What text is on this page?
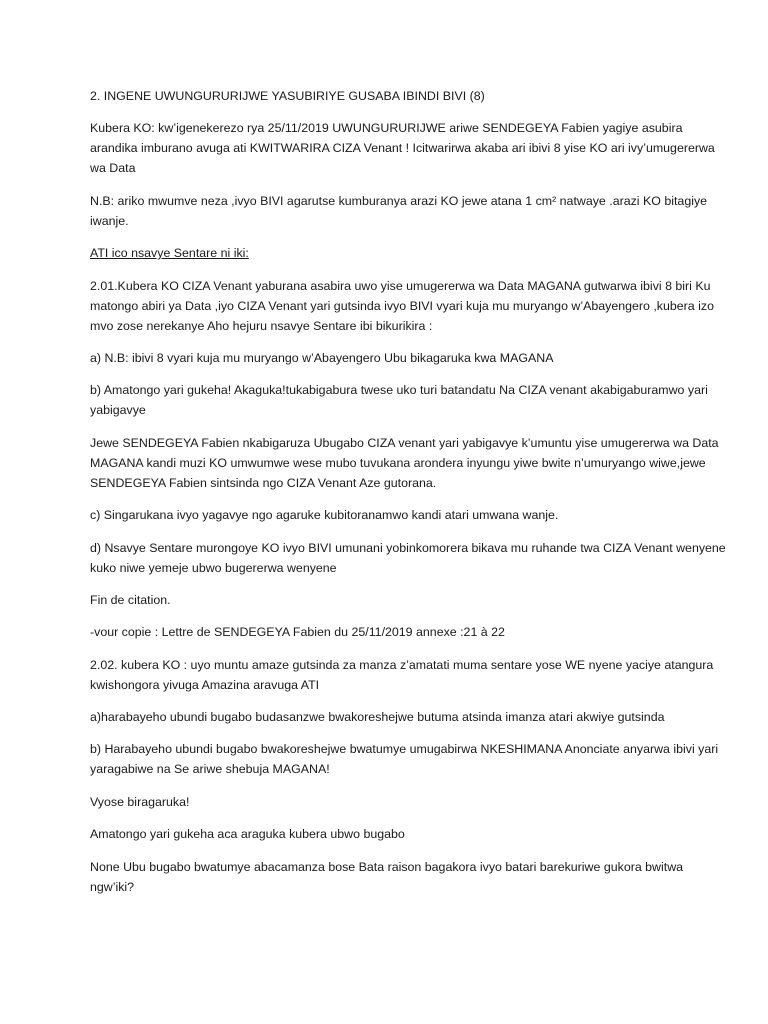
2. INGENE UWUNGURURIJWE YASUBIRIYE GUSABA IBINDI BIVI (8)

Kubera KO: kw’igenekerezo rya 25/11/2019 UWUNGURURIJWE ariwe SENDEGEYA Fabien yagiye asubira arandika imburano avuga ati KWITWARIRA CIZA Venant ! Icitwarirwa akaba ari ibivi 8 yise KO ari ivy’umugererwa wa Data

N.B: ariko mwumve neza ,ivyo BIVI agarutse kumburanya arazi KO jewe atana 1 cm² natwaye .arazi KO bitagiye iwanje.

ATI ico nsavye Sentare ni iki:

2.01.Kubera KO CIZA Venant yaburana asabira uwo yise umugererwa wa Data MAGANA gutwarwa ibivi 8 biri Ku matongo abiri ya Data ,iyo CIZA Venant yari gutsinda ivyo BIVI vyari kuja mu muryango w’Abayengero ,kubera izo mvo zose nerekanye Aho hejuru nsavye Sentare ibi bikurikira :

a) N.B: ibivi 8 vyari kuja mu muryango w’Abayengero Ubu bikagaruka kwa MAGANA

b) Amatongo yari gukeha! Akaguka!tukabigabura twese uko turi batandatu Na CIZA venant akabigaburamwo yari yabigavye

Jewe SENDEGEYA Fabien nkabigaruza Ubugabo CIZA venant yari yabigavye k’umuntu yise umugererwa wa Data MAGANA kandi muzi KO umwumwe wese mubo tuvukana arondera inyungu yiwe bwite n’umuryango wiwe,jewe SENDEGEYA Fabien sintsinda ngo CIZA Venant Aze gutorana.

c) Singarukana ivyo yagavye ngo agaruke kubitoranamwo kandi atari umwana wanje.

d) Nsavye Sentare murongoye KO ivyo BIVI umunani yobinkomorera bikava mu ruhande twa CIZA Venant wenyene kuko niwe yemeje ubwo bugererwa wenyene

Fin de citation.

-vour copie : Lettre de SENDEGEYA Fabien du 25/11/2019 annexe :21 à 22

2.02. kubera KO : uyo muntu amaze gutsinda za manza z’amatati muma sentare yose WE nyene yaciye atangura kwishongora yivuga Amazina aravuga ATI

a)harabayeho ubundi bugabo budasanzwe bwakoreshejwe butuma atsinda imanza atari akwiye gutsinda

b) Harabayeho ubundi bugabo bwakoreshejwe bwatumye umugabirwa NKESHIMANA Anonciate anyarwa ibivi yari yaragabiwe na Se ariwe shebuja MAGANA!

Vyose biragaruka!

Amatongo yari gukeha aca araguka kubera ubwo bugabo

None Ubu bugabo bwatumye abacamanza bose Bata raison bagakora ivyo batari barekuriwe gukora bwitwa ngw’iki?
